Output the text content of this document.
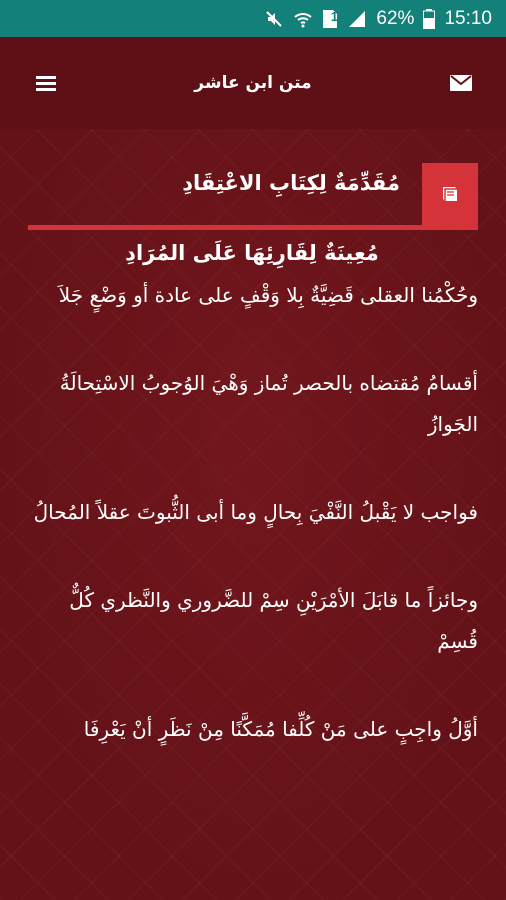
1 62% 15:10
متن ابن عاشر
مُقَدِّمَةٌ لِكِتَابِ الاعْتِقَادِ
مُعِينَةٌ لِقَارِئِهَا عَلَى المُرَادِ
وحُكْمُنا العقلى قَضِيَّةٌ بِلا وَقْفٍ على عادة أو وَضْعٍ جَلاَ
أقسامُ مُقتضاه بالحصر تُماز وَهْيَ الوُجوبُ الاسْتِحالَةُ الجَوازُ
فواجب لا يَقْبلُ النَّفْيَ بِحالٍ وما أبى الثُّبوتَ عقلاً المُحالُ
وجائزاً ما قابَلَ الأمْرَيْنِ سِمْ للضَّروري والنَّظري كُلٌّ قُسِمْ
أوَّلُ واجِبٍ على مَنْ كُلِّفا مُمَكَّنًا مِنْ نَظَرٍ أنْ يَعْرِفَا
